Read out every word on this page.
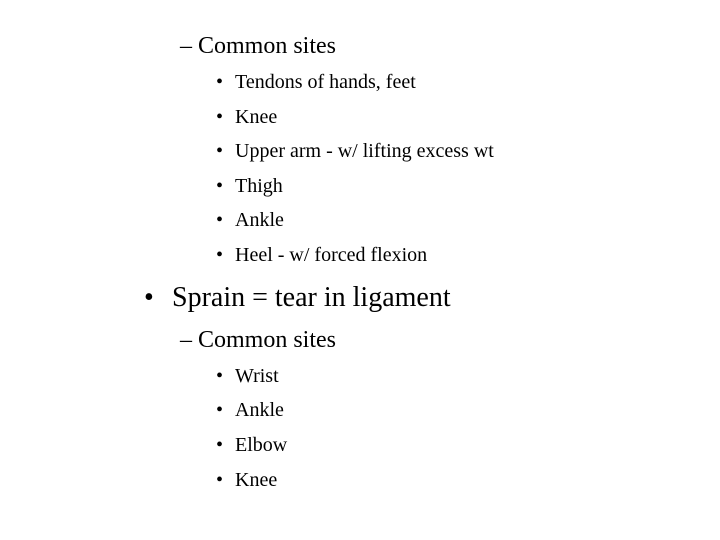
– Common sites
• Tendons of hands, feet
• Knee
• Upper arm - w/ lifting excess wt
• Thigh
• Ankle
• Heel - w/ forced flexion
• Sprain = tear in ligament
– Common sites
• Wrist
• Ankle
• Elbow
• Knee
